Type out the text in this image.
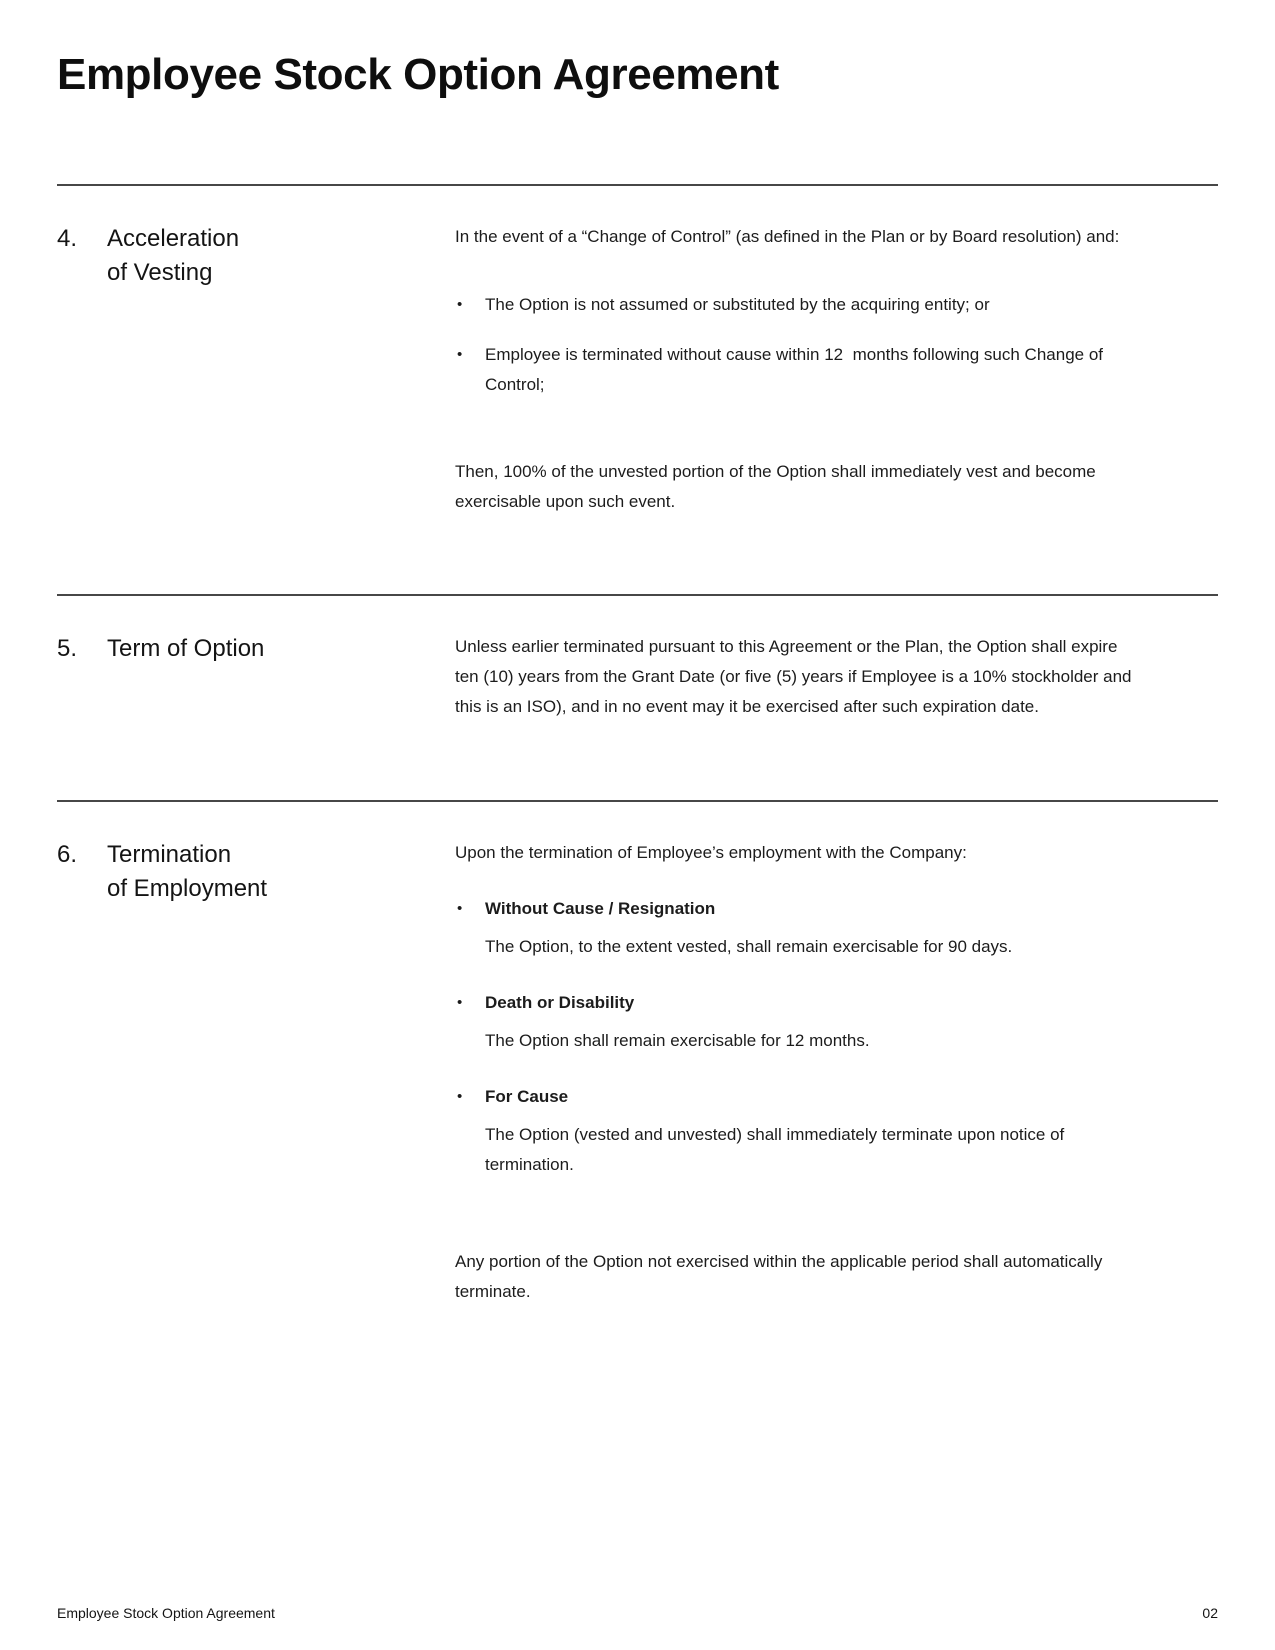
Employee Stock Option Agreement
4.	Acceleration
of Vesting

In the event of a “Change of Control” (as defined in the Plan or by Board resolution) and:

• The Option is not assumed or substituted by the acquiring entity; or
• Employee is terminated without cause within 12  months following such Change of Control;

Then, 100% of the unvested portion of the Option shall immediately vest and become exercisable upon such event.

5.	Term of Option	Unless earlier terminated pursuant to this Agreement or the Plan, the Option shall expire ten (10) years from the Grant Date (or five (5) years if Employee is a 10% stockholder and this is an ISO), and in no event may it be exercised after such expiration date.

6.	Termination
of Employment

Upon the termination of Employee’s employment with the Company:

• Without Cause / Resignation

The Option, to the extent vested, shall remain exercisable for 90 days.

• Death or Disability

The Option shall remain exercisable for 12 months.

• For Cause

The Option (vested and unvested) shall immediately terminate upon notice of termination.

Any portion of the Option not exercised within the applicable period shall automatically terminate.

Employee Stock Option Agreement	02
